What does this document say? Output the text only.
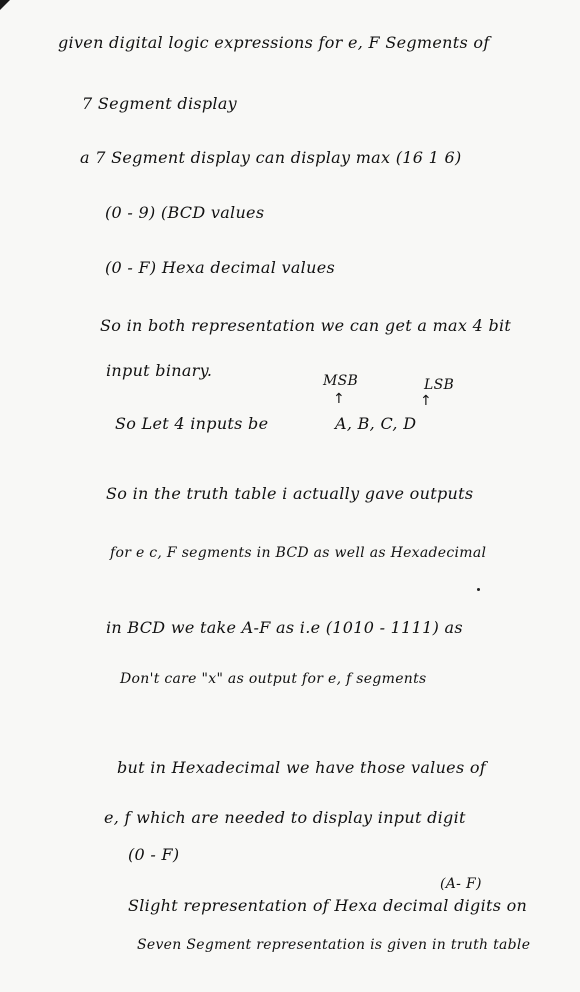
given digital logic expressions for e, F Segments of
7 Segment display
a 7 Segment display can display max (16 1 6)
(0 - 9) (BCD values
(0 - F) Hexa decimal values
So in both representation we can get a max 4 bit
input binary.
MSB	LSB
↑	↑
So Let 4 inputs be	A, B, C, D
So in the truth table i actually gave outputs
for e c, F segments in BCD as well as Hexadecimal
in BCD we take A-F as i.e (1010 - 1111) as
Don't care "x" as output for e, f segments
but in Hexadecimal we have those values of
e, f which are needed to display input digit
(0 - F)
(A- F)
Slight representation of Hexa decimal digits on
Seven Segment representation is given in truth table
